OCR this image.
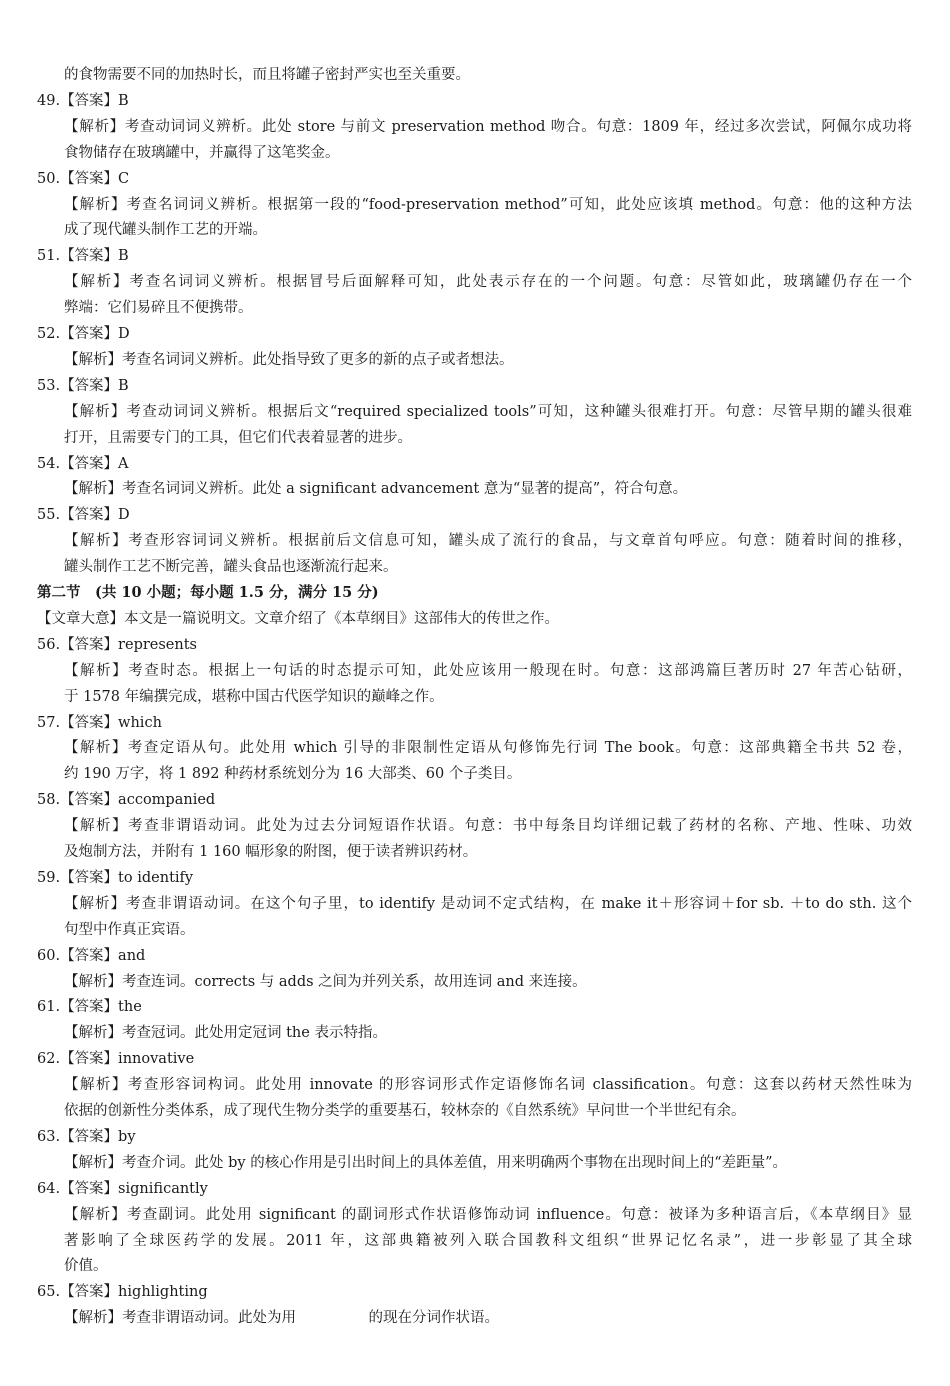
的食物需要不同的加热时长，而且将罐子密封严实也至关重要。
49.【答案】B
【解析】考查动词词义辨析。此处 store 与前文 preservation method 吻合。句意：1809 年，经过多次尝试，阿佩尔成功将
食物储存在玻璃罐中，并赢得了这笔奖金。
50.【答案】C
【解析】考查名词词义辨析。根据第一段的“food-preservation method”可知，此处应该填 method。句意：他的这种方法
成了现代罐头制作工艺的开端。
51.【答案】B
【解析】考查名词词义辨析。根据冒号后面解释可知，此处表示存在的一个问题。句意：尽管如此，玻璃罐仍存在一个
弊端：它们易碎且不便携带。
52.【答案】D
【解析】考查名词词义辨析。此处指导致了更多的新的点子或者想法。
53.【答案】B
【解析】考查动词词义辨析。根据后文“required specialized tools”可知，这种罐头很难打开。句意：尽管早期的罐头很难
打开，且需要专门的工具，但它们代表着显著的进步。
54.【答案】A
【解析】考查名词词义辨析。此处 a significant advancement 意为“显著的提高”，符合句意。
55.【答案】D
【解析】考查形容词词义辨析。根据前后文信息可知，罐头成了流行的食品，与文章首句呼应。句意：随着时间的推移，
罐头制作工艺不断完善，罐头食品也逐渐流行起来。
第二节　(共 10 小题；每小题 1.5 分，满分 15 分)
【文章大意】本文是一篇说明文。文章介绍了《本草纲目》这部伟大的传世之作。
56.【答案】represents
【解析】考查时态。根据上一句话的时态提示可知，此处应该用一般现在时。句意：这部鸿篇巨著历时 27 年苦心钻研，
于 1578 年编撰完成，堪称中国古代医学知识的巅峰之作。
57.【答案】which
【解析】考查定语从句。此处用 which 引导的非限制性定语从句修饰先行词 The book。句意：这部典籍全书共 52 卷，
约 190 万字，将 1 892 种药材系统划分为 16 大部类、60 个子类目。
58.【答案】accompanied
【解析】考查非谓语动词。此处为过去分词短语作状语。句意：书中每条目均详细记载了药材的名称、产地、性味、功效
及炮制方法，并附有 1 160 幅形象的附图，便于读者辨识药材。
59.【答案】to identify
【解析】考查非谓语动词。在这个句子里，to identify 是动词不定式结构，在 make it＋形容词＋for sb. ＋to do sth. 这个
句型中作真正宾语。
60.【答案】and
【解析】考查连词。corrects 与 adds 之间为并列关系，故用连词 and 来连接。
61.【答案】the
【解析】考查冠词。此处用定冠词 the 表示特指。
62.【答案】innovative
【解析】考查形容词构词。此处用 innovate 的形容词形式作定语修饰名词 classification。句意：这套以药材天然性味为
依据的创新性分类体系，成了现代生物分类学的重要基石，较林奈的《自然系统》早问世一个半世纪有余。
63.【答案】by
【解析】考查介词。此处 by 的核心作用是引出时间上的具体差值，用来明确两个事物在出现时间上的“差距量”。
64.【答案】significantly
【解析】考查副词。此处用 significant 的副词形式作状语修饰动词 influence。句意：被译为多种语言后，《本草纲目》显
著影响了全球医药学的发展。2011 年，这部典籍被列入联合国教科文组织“世界记忆名录”，进一步彰显了其全球
价值。
65.【答案】highlighting
【解析】考查非谓语动词。此处为用　　　　　的现在分词作状语。
